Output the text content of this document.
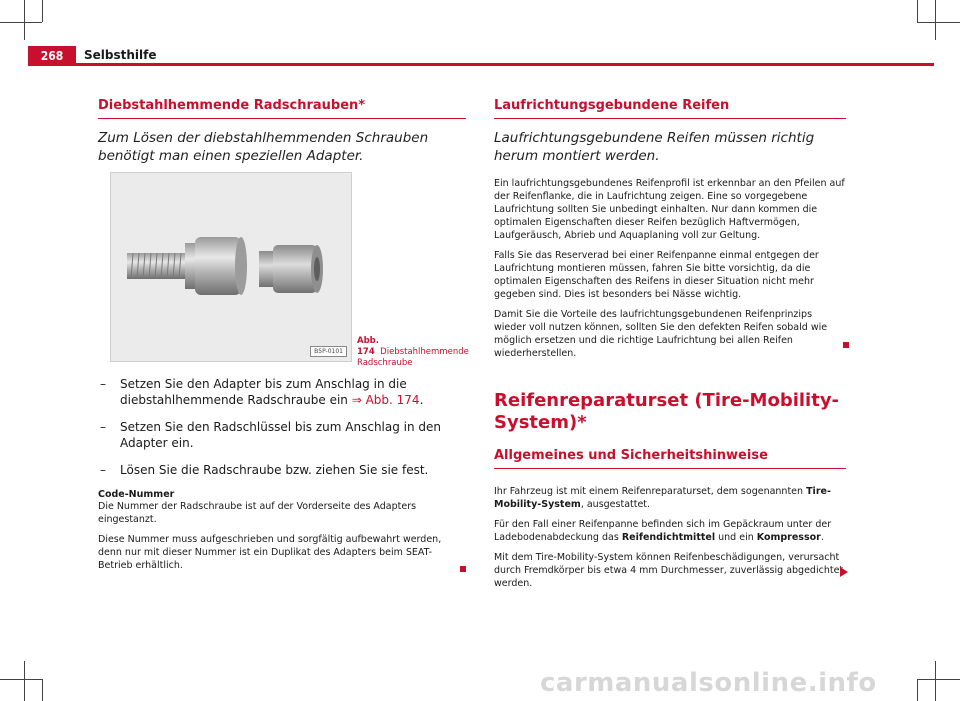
268	Selbsthilfe
Diebstahlhemmende Radschrauben*

Zum Lösen der diebstahlhemmenden Schrauben benötigt man einen speziellen Adapter.

B5P-0101
Abb. 174 Diebstahlhemmende Radschraube
– Setzen Sie den Adapter bis zum Anschlag in die diebstahlhemmende Radschraube ein ⇒ Abb. 174.
– Setzen Sie den Radschlüssel bis zum Anschlag in den Adapter ein.
– Lösen Sie die Radschraube bzw. ziehen Sie sie fest.
Code-Nummer

Die Nummer der Radschraube ist auf der Vorderseite des Adapters eingestanzt.

Diese Nummer muss aufgeschrieben und sorgfältig aufbewahrt werden, denn nur mit dieser Nummer ist ein Duplikat des Adapters beim SEAT-Betrieb erhältlich.

Laufrichtungsgebundene Reifen

Laufrichtungsgebundene Reifen müssen richtig herum montiert werden.

Ein laufrichtungsgebundenes Reifenprofil ist erkennbar an den Pfeilen auf der Reifenflanke, die in Laufrichtung zeigen. Eine so vorgegebene Laufrichtung sollten Sie unbedingt einhalten. Nur dann kommen die optimalen Eigenschaften dieser Reifen bezüglich Haftvermögen, Laufgeräusch, Abrieb und Aquaplaning voll zur Geltung.

Falls Sie das Reserverad bei einer Reifenpanne einmal entgegen der Laufrichtung montieren müssen, fahren Sie bitte vorsichtig, da die optimalen Eigenschaften des Reifens in dieser Situation nicht mehr gegeben sind. Dies ist besonders bei Nässe wichtig.

Damit Sie die Vorteile des laufrichtungsgebundenen Reifenprinzips wieder voll nutzen können, sollten Sie den defekten Reifen sobald wie möglich ersetzen und die richtige Laufrichtung bei allen Reifen wiederherstellen.

Reifenreparaturset (Tire-Mobility-System)*
Allgemeines und Sicherheitshinweise

Ihr Fahrzeug ist mit einem Reifenreparaturset, dem sogenannten Tire-Mobility-System, ausgestattet.

Für den Fall einer Reifenpanne befinden sich im Gepäckraum unter der Ladebodenabdeckung das Reifendichtmittel und ein Kompressor.

Mit dem Tire-Mobility-System können Reifenbeschädigungen, verursacht durch Fremdkörper bis etwa 4 mm Durchmesser, zuverlässig abgedichtet werden.

carmanualsonline.info
